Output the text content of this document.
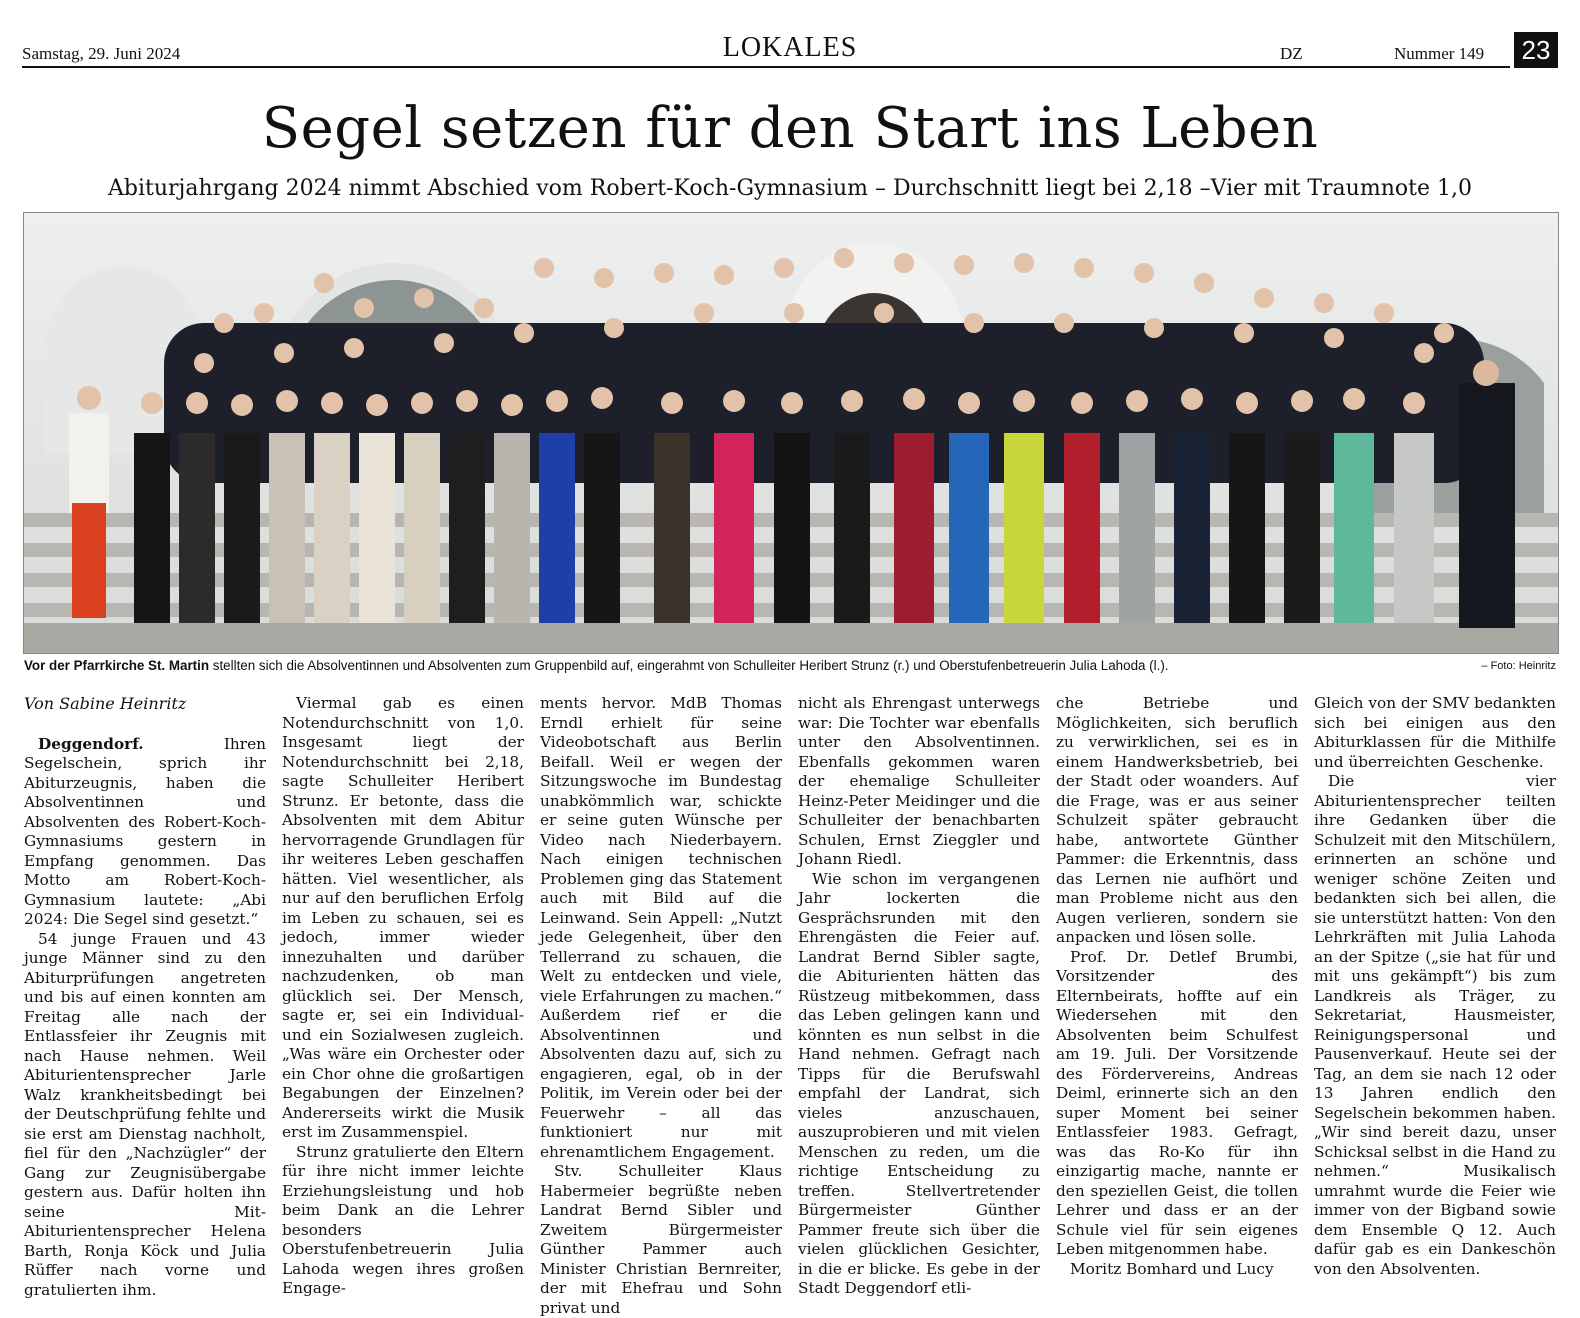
Samstag, 29. Juni 2024	LOKALES	DZ	Nummer 149 23
Segel setzen für den Start ins Leben
Abiturjahrgang 2024 nimmt Abschied vom Robert-Koch-Gymnasium – Durchschnitt liegt bei 2,18 –Vier mit Traumnote 1,0
Vor der Pfarrkirche St. Martin stellten sich die Absolventinnen und Absolventen zum Gruppenbild auf, eingerahmt von Schulleiter Heribert Strunz (r.) und Oberstufenbetreuerin Julia Lahoda (l.).	– Foto: Heinritz
Von Sabine Heinritz

Deggendorf. Ihren Segelschein, sprich ihr Abiturzeugnis, haben die Absolventinnen und Absolventen des Robert-Koch-Gymnasiums gestern in Empfang genommen. Das Motto am Robert-Koch-Gymnasium lautete: „Abi 2024: Die Segel sind gesetzt.“

54 junge Frauen und 43 junge Männer sind zu den Abiturprüfungen angetreten und bis auf einen konnten am Freitag alle nach der Entlassfeier ihr Zeugnis mit nach Hause nehmen. Weil Abiturientensprecher Jarle Walz krankheitsbedingt bei der Deutschprüfung fehlte und sie erst am Dienstag nachholt, fiel für den „Nachzügler“ der Gang zur Zeugnisübergabe gestern aus. Dafür holten ihn seine Mit-Abiturientensprecher Helena Barth, Ronja Köck und Julia Rüffer nach vorne und gratulierten ihm.

Viermal gab es einen Notendurchschnitt von 1,0. Insgesamt liegt der Notendurchschnitt bei 2,18, sagte Schulleiter Heribert Strunz. Er betonte, dass die Absolventen mit dem Abitur hervorragende Grundlagen für ihr weiteres Leben geschaffen hätten. Viel wesentlicher, als nur auf den beruflichen Erfolg im Leben zu schauen, sei es jedoch, immer wieder innezuhalten und darüber nachzudenken, ob man glücklich sei. Der Mensch, sagte er, sei ein Individual- und ein Sozialwesen zugleich. „Was wäre ein Orchester oder ein Chor ohne die großartigen Begabungen der Einzelnen? Andererseits wirkt die Musik erst im Zusammenspiel.

Strunz gratulierte den Eltern für ihre nicht immer leichte Erziehungsleistung und hob beim Dank an die Lehrer besonders Oberstufenbetreuerin Julia Lahoda wegen ihres großen Engage-

ments hervor. MdB Thomas Erndl erhielt für seine Videobotschaft aus Berlin Beifall. Weil er wegen der Sitzungswoche im Bundestag unabkömmlich war, schickte er seine guten Wünsche per Video nach Niederbayern. Nach einigen technischen Problemen ging das Statement auch mit Bild auf die Leinwand. Sein Appell: „Nutzt jede Gelegenheit, über den Tellerrand zu schauen, die Welt zu entdecken und viele, viele Erfahrungen zu machen.“ Außerdem rief er die Absolventinnen und Absolventen dazu auf, sich zu engagieren, egal, ob in der Politik, im Verein oder bei der Feuerwehr – all das funktioniert nur mit ehrenamtlichem Engagement.

Stv. Schulleiter Klaus Habermeier begrüßte neben Landrat Bernd Sibler und Zweitem Bürgermeister Günther Pammer auch Minister Christian Bernreiter, der mit Ehefrau und Sohn privat und

nicht als Ehrengast unterwegs war: Die Tochter war ebenfalls unter den Absolventinnen. Ebenfalls gekommen waren der ehemalige Schulleiter Heinz-Peter Meidinger und die Schulleiter der benachbarten Schulen, Ernst Zieggler und Johann Riedl.

Wie schon im vergangenen Jahr lockerten die Gesprächsrunden mit den Ehrengästen die Feier auf. Landrat Bernd Sibler sagte, die Abiturienten hätten das Rüstzeug mitbekommen, dass das Leben gelingen kann und könnten es nun selbst in die Hand nehmen. Gefragt nach Tipps für die Berufswahl empfahl der Landrat, sich vieles anzuschauen, auszuprobieren und mit vielen Menschen zu reden, um die richtige Entscheidung zu treffen. Stellvertretender Bürgermeister Günther Pammer freute sich über die vielen glücklichen Gesichter, in die er blicke. Es gebe in der Stadt Deggendorf etli-

che Betriebe und Möglichkeiten, sich beruflich zu verwirklichen, sei es in einem Handwerksbetrieb, bei der Stadt oder woanders. Auf die Frage, was er aus seiner Schulzeit später gebraucht habe, antwortete Günther Pammer: die Erkenntnis, dass das Lernen nie aufhört und man Probleme nicht aus den Augen verlieren, sondern sie anpacken und lösen solle.

Prof. Dr. Detlef Brumbi, Vorsitzender des Elternbeirats, hoffte auf ein Wiedersehen mit den Absolventen beim Schulfest am 19. Juli. Der Vorsitzende des Fördervereins, Andreas Deiml, erinnerte sich an den super Moment bei seiner Entlassfeier 1983. Gefragt, was das Ro-Ko für ihn einzigartig mache, nannte er den speziellen Geist, die tollen Lehrer und dass er an der Schule viel für sein eigenes Leben mitgenommen habe.

Moritz Bomhard und Lucy

Gleich von der SMV bedankten sich bei einigen aus den Abiturklassen für die Mithilfe und überreichten Geschenke.

Die vier Abiturientensprecher teilten ihre Gedanken über die Schulzeit mit den Mitschülern, erinnerten an schöne und weniger schöne Zeiten und bedankten sich bei allen, die sie unterstützt hatten: Von den Lehrkräften mit Julia Lahoda an der Spitze („sie hat für und mit uns gekämpft“) bis zum Landkreis als Träger, zu Sekretariat, Hausmeister, Reinigungspersonal und Pausenverkauf. Heute sei der Tag, an dem sie nach 12 oder 13 Jahren endlich den Segelschein bekommen haben. „Wir sind bereit dazu, unser Schicksal selbst in die Hand zu nehmen.“ Musikalisch umrahmt wurde die Feier wie immer von der Bigband sowie dem Ensemble Q 12. Auch dafür gab es ein Dankeschön von den Absolventen.
